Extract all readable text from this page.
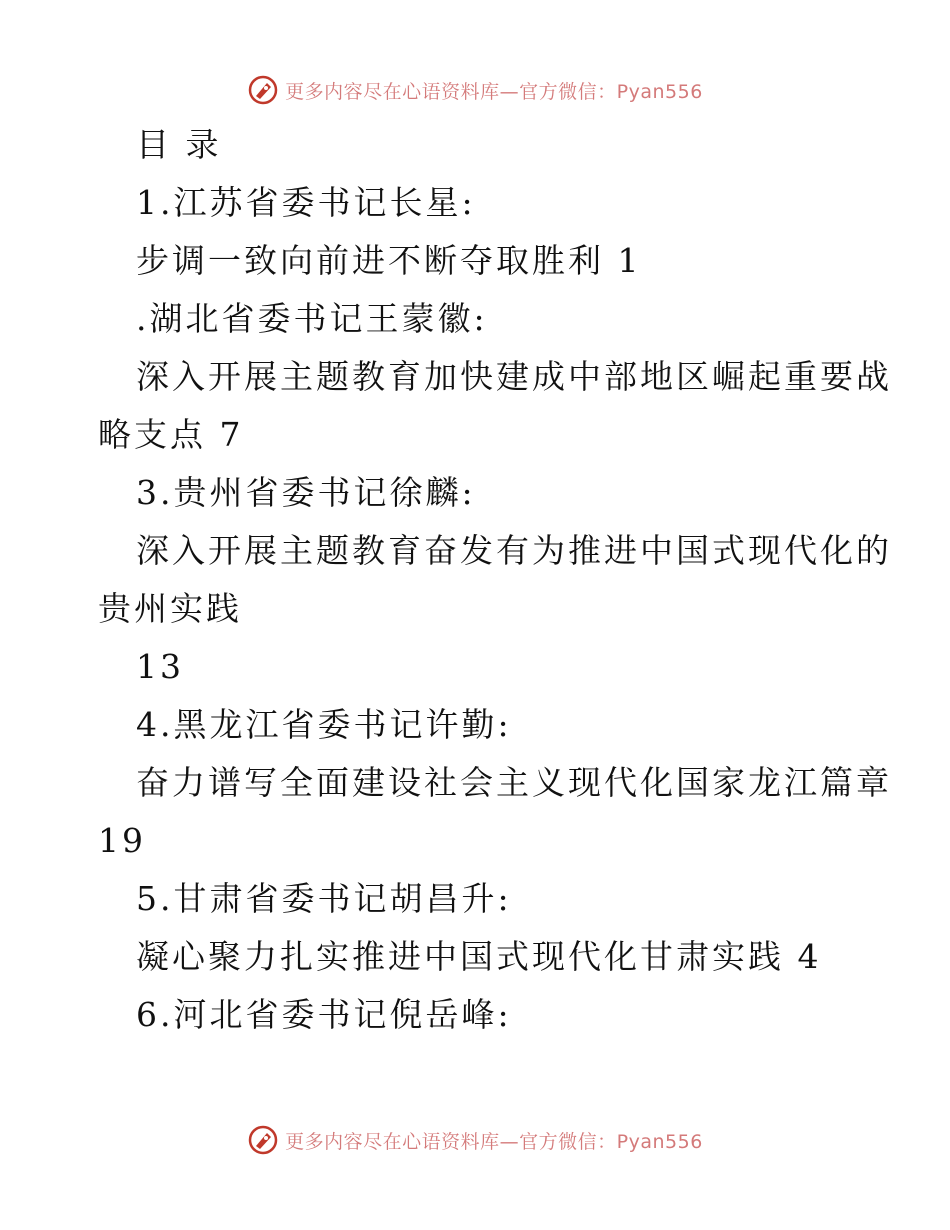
更多内容尽在心语资料库—官方微信：Pyan556
目 录
1.江苏省委书记长星:
步调一致向前进不断夺取胜利 1
.湖北省委书记王蒙徽:
深入开展主题教育加快建成中部地区崛起重要战
略支点 7
3.贵州省委书记徐麟:
深入开展主题教育奋发有为推进中国式现代化的
贵州实践
13
4.黑龙江省委书记许勤:
奋力谱写全面建设社会主义现代化国家龙江篇章
19
5.甘肃省委书记胡昌升:
凝心聚力扎实推进中国式现代化甘肃实践 4
6.河北省委书记倪岳峰:
更多内容尽在心语资料库—官方微信：Pyan556
